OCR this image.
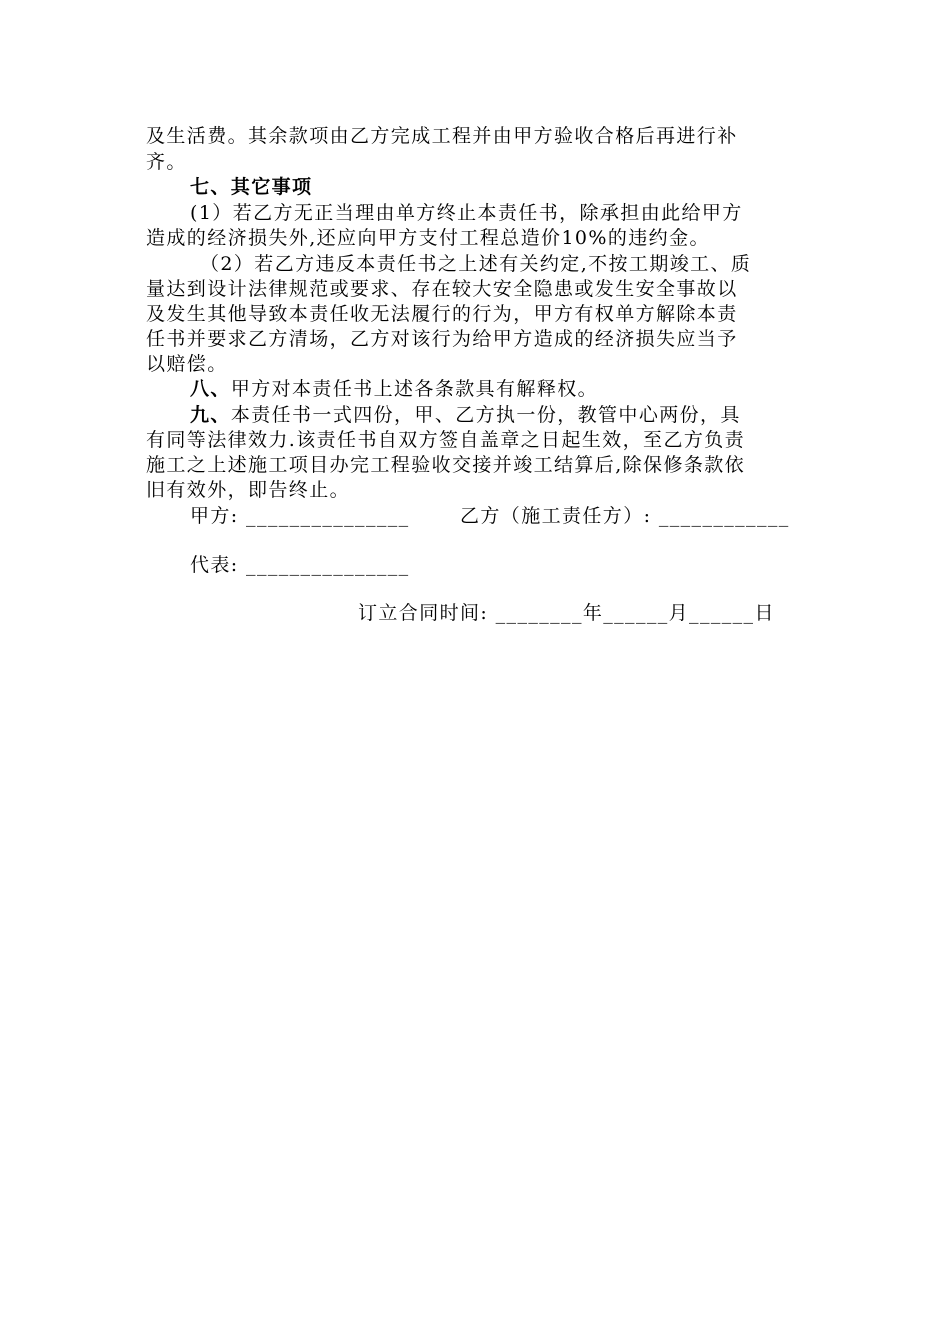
及生活费。其余款项由乙方完成工程并由甲方验收合格后再进行补
齐。
七、其它事项
(1）若乙方无正当理由单方终止本责任书，除承担由此给甲方
造成的经济损失外,还应向甲方支付工程总造价10%的违约金。
（2）若乙方违反本责任书之上述有关约定,不按工期竣工、质
量达到设计法律规范或要求、存在较大安全隐患或发生安全事故以
及发生其他导致本责任收无法履行的行为，甲方有权单方解除本责
任书并要求乙方清场，乙方对该行为给甲方造成的经济损失应当予
以赔偿。
八、甲方对本责任书上述各条款具有解释权。
九、本责任书一式四份，甲、乙方执一份，教管中心两份，具
有同等法律效力.该责任书自双方签自盖章之日起生效，至乙方负责
施工之上述施工项目办完工程验收交接并竣工结算后,除保修条款依
旧有效外，即告终止。
甲方: _______________	乙方（施工责任方）: ____________
代表: _______________
订立合同时间: ________年______月______日
